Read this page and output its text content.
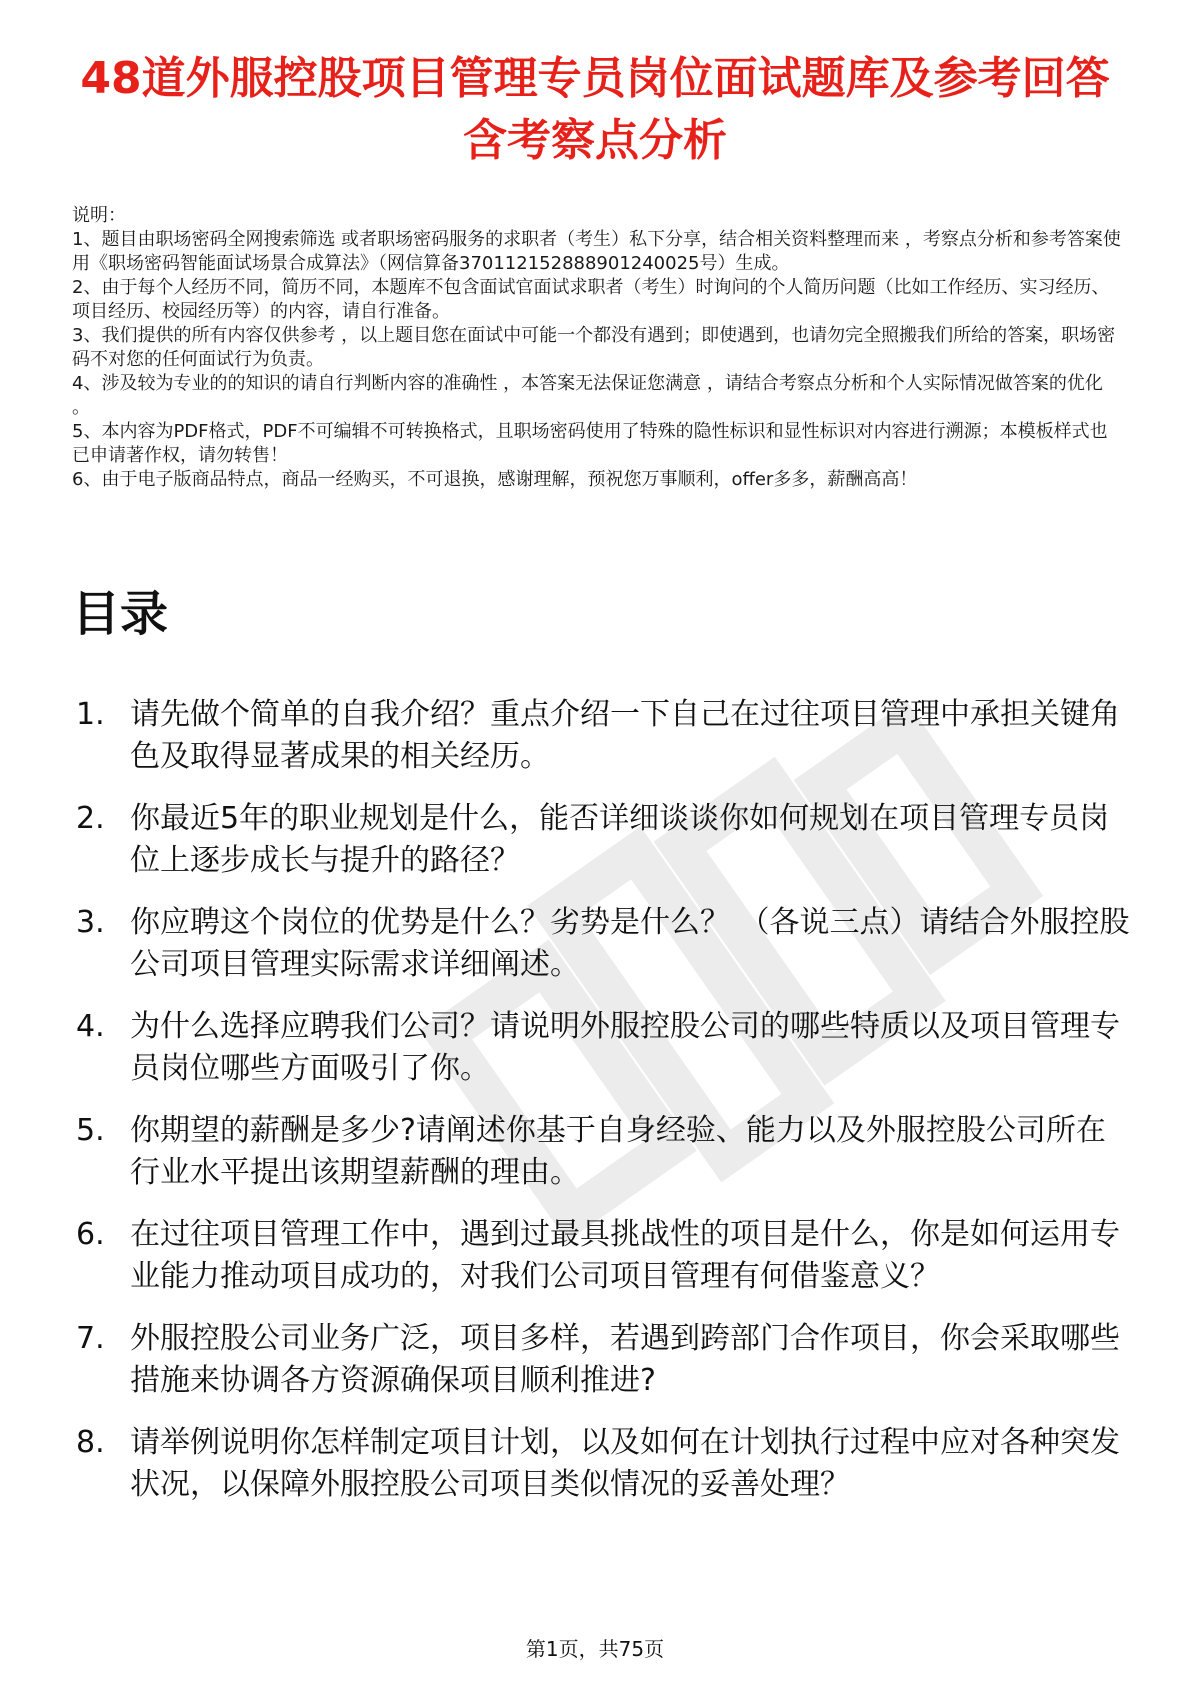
48道外服控股项目管理专员岗位面试题库及参考回答含考察点分析

说明：

1、题目由职场密码全网搜索筛选 或者职场密码服务的求职者（考生）私下分享，结合相关资料整理而来 ，考察点分析和参考答案使用《职场密码智能面试场景合成算法》（网信算备370112152888901240025号）生成。

2、由于每个人经历不同，简历不同，本题库不包含面试官面试求职者（考生）时询问的个人简历问题（比如工作经历、实习经历、项目经历、校园经历等）的内容，请自行准备。

3、我们提供的所有内容仅供参考 ，以上题目您在面试中可能一个都没有遇到；即使遇到，也请勿完全照搬我们所给的答案，职场密码不对您的任何面试行为负责。

4、涉及较为专业的的知识的请自行判断内容的准确性 ，本答案无法保证您满意 ，请结合考察点分析和个人实际情况做答案的优化 。

5、本内容为PDF格式，PDF不可编辑不可转换格式，且职场密码使用了特殊的隐性标识和显性标识对内容进行溯源；本模板样式也已申请著作权，请勿转售！

6、由于电子版商品特点，商品一经购买，不可退换，感谢理解，预祝您万事顺利，offer多多，薪酬高高！

目录
1. 请先做个简单的自我介绍？重点介绍一下自己在过往项目管理中承担关键角色及取得显著成果的相关经历。
2. 你最近5年的职业规划是什么，能否详细谈谈你如何规划在项目管理专员岗位上逐步成长与提升的路径？
3. 你应聘这个岗位的优势是什么？劣势是什么？ （各说三点）请结合外服控股公司项目管理实际需求详细阐述。
4. 为什么选择应聘我们公司？请说明外服控股公司的哪些特质以及项目管理专员岗位哪些方面吸引了你。
5. 你期望的薪酬是多少?请阐述你基于自身经验、能力以及外服控股公司所在行业水平提出该期望薪酬的理由。
6. 在过往项目管理工作中，遇到过最具挑战性的项目是什么，你是如何运用专业能力推动项目成功的，对我们公司项目管理有何借鉴意义？
7. 外服控股公司业务广泛，项目多样，若遇到跨部门合作项目，你会采取哪些措施来协调各方资源确保项目顺利推进?
8. 请举例说明你怎样制定项目计划，以及如何在计划执行过程中应对各种突发状况，以保障外服控股公司项目类似情况的妥善处理？
第1页，共75页
